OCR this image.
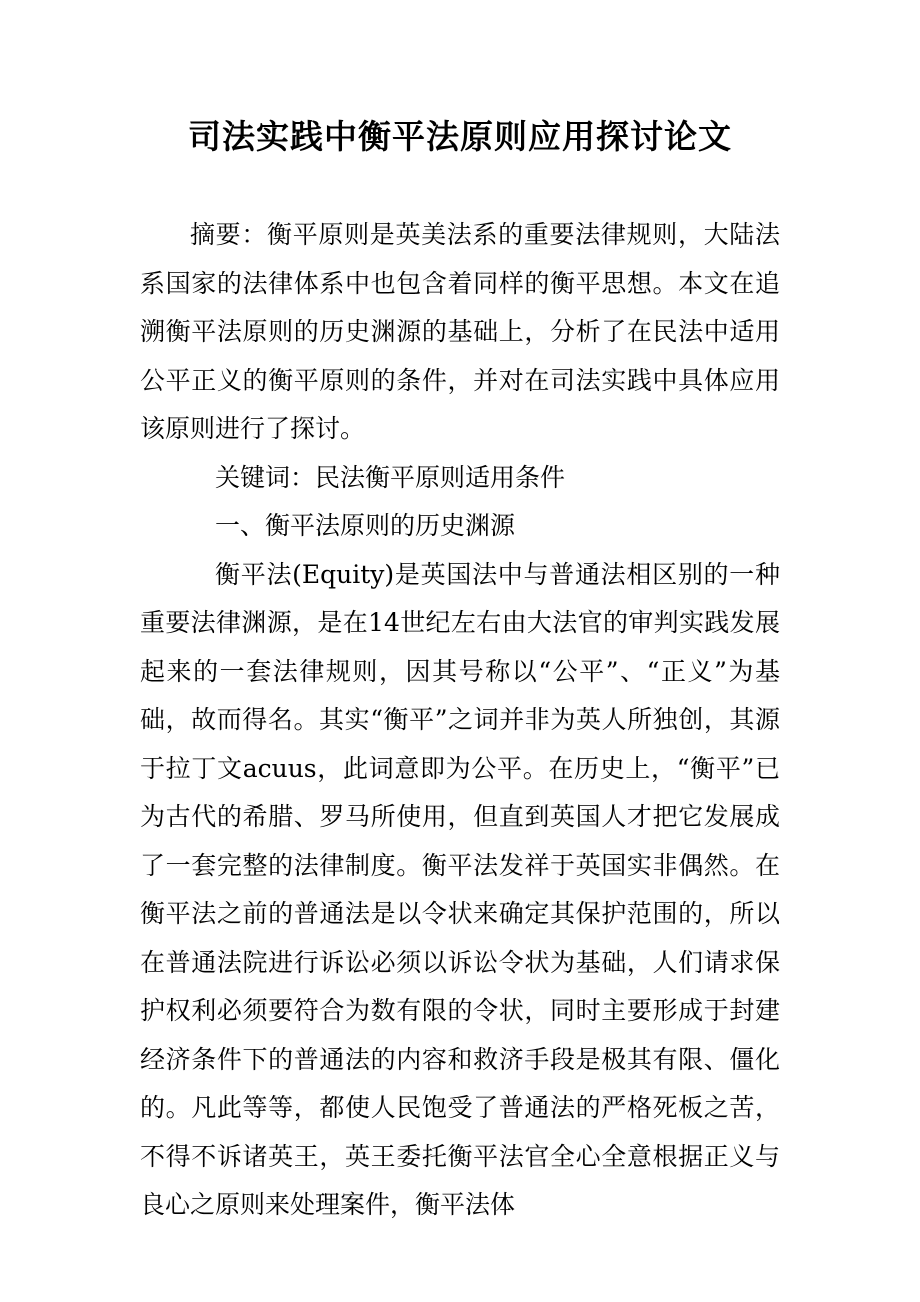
司法实践中衡平法原则应用探讨论文

摘要：衡平原则是英美法系的重要法律规则，大陆法系国家的法律体系中也包含着同样的衡平思想。本文在追溯衡平法原则的历史渊源的基础上，分析了在民法中适用公平正义的衡平原则的条件，并对在司法实践中具体应用该原则进行了探讨。

关键词：民法衡平原则适用条件

一、衡平法原则的历史渊源

衡平法(Equity)是英国法中与普通法相区别的一种重要法律渊源，是在14世纪左右由大法官的审判实践发展起来的一套法律规则，因其号称以“公平”、“正义”为基础，故而得名。其实“衡平”之词并非为英人所独创，其源于拉丁文acuus，此词意即为公平。在历史上，“衡平”已为古代的希腊、罗马所使用，但直到英国人才把它发展成了一套完整的法律制度。衡平法发祥于英国实非偶然。在衡平法之前的普通法是以令状来确定其保护范围的，所以在普通法院进行诉讼必须以诉讼令状为基础，人们请求保护权利必须要符合为数有限的令状，同时主要形成于封建经济条件下的普通法的内容和救济手段是极其有限、僵化的。凡此等等，都使人民饱受了普通法的严格死板之苦，不得不诉诸英王，英王委托衡平法官全心全意根据正义与良心之原则来处理案件，衡平法体
